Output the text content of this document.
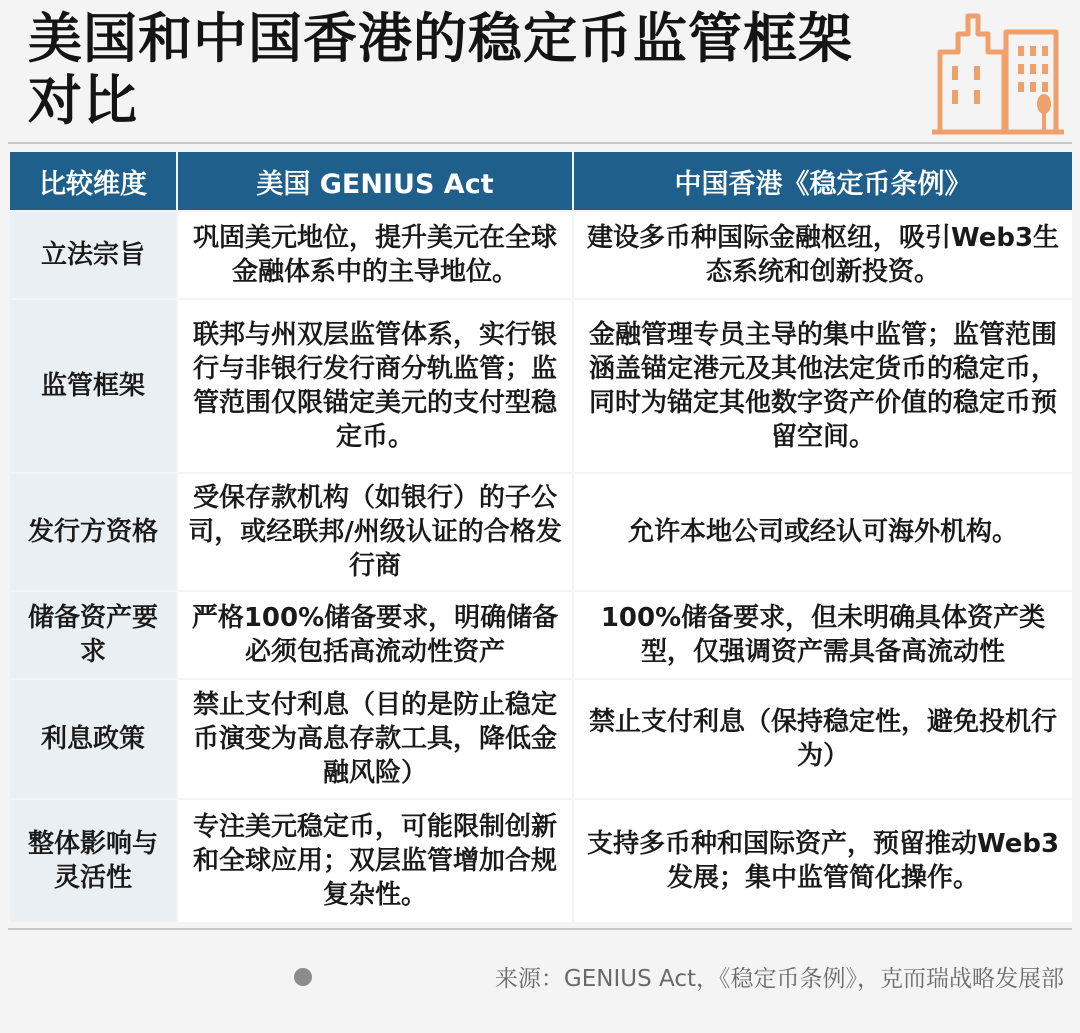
美国和中国香港的稳定币监管框架对比
比较维度	美国 GENIUS Act	中国香港《稳定币条例》
立法宗旨	巩固美元地位，提升美元在全球金融体系中的主导地位。	建设多币种国际金融枢纽，吸引Web3生态系统和创新投资。
监管框架	联邦与州双层监管体系，实行银行与非银行发行商分轨监管；监管范围仅限锚定美元的支付型稳定币。	金融管理专员主导的集中监管；监管范围涵盖锚定港元及其他法定货币的稳定币，同时为锚定其他数字资产价值的稳定币预留空间。
发行方资格	受保存款机构（如银行）的子公司，或经联邦/州级认证的合格发行商	允许本地公司或经认可海外机构。
储备资产要求	严格100%储备要求，明确储备必须包括高流动性资产	100%储备要求，但未明确具体资产类型，仅强调资产需具备高流动性
利息政策	禁止支付利息（目的是防止稳定币演变为高息存款工具，降低金融风险）	禁止支付利息（保持稳定性，避免投机行为）
整体影响与灵活性	专注美元稳定币，可能限制创新和全球应用；双层监管增加合规复杂性。	支持多币种和国际资产，预留推动Web3发展；集中监管简化操作。
来源：GENIUS Act，《稳定币条例》，克而瑞战略发展部
